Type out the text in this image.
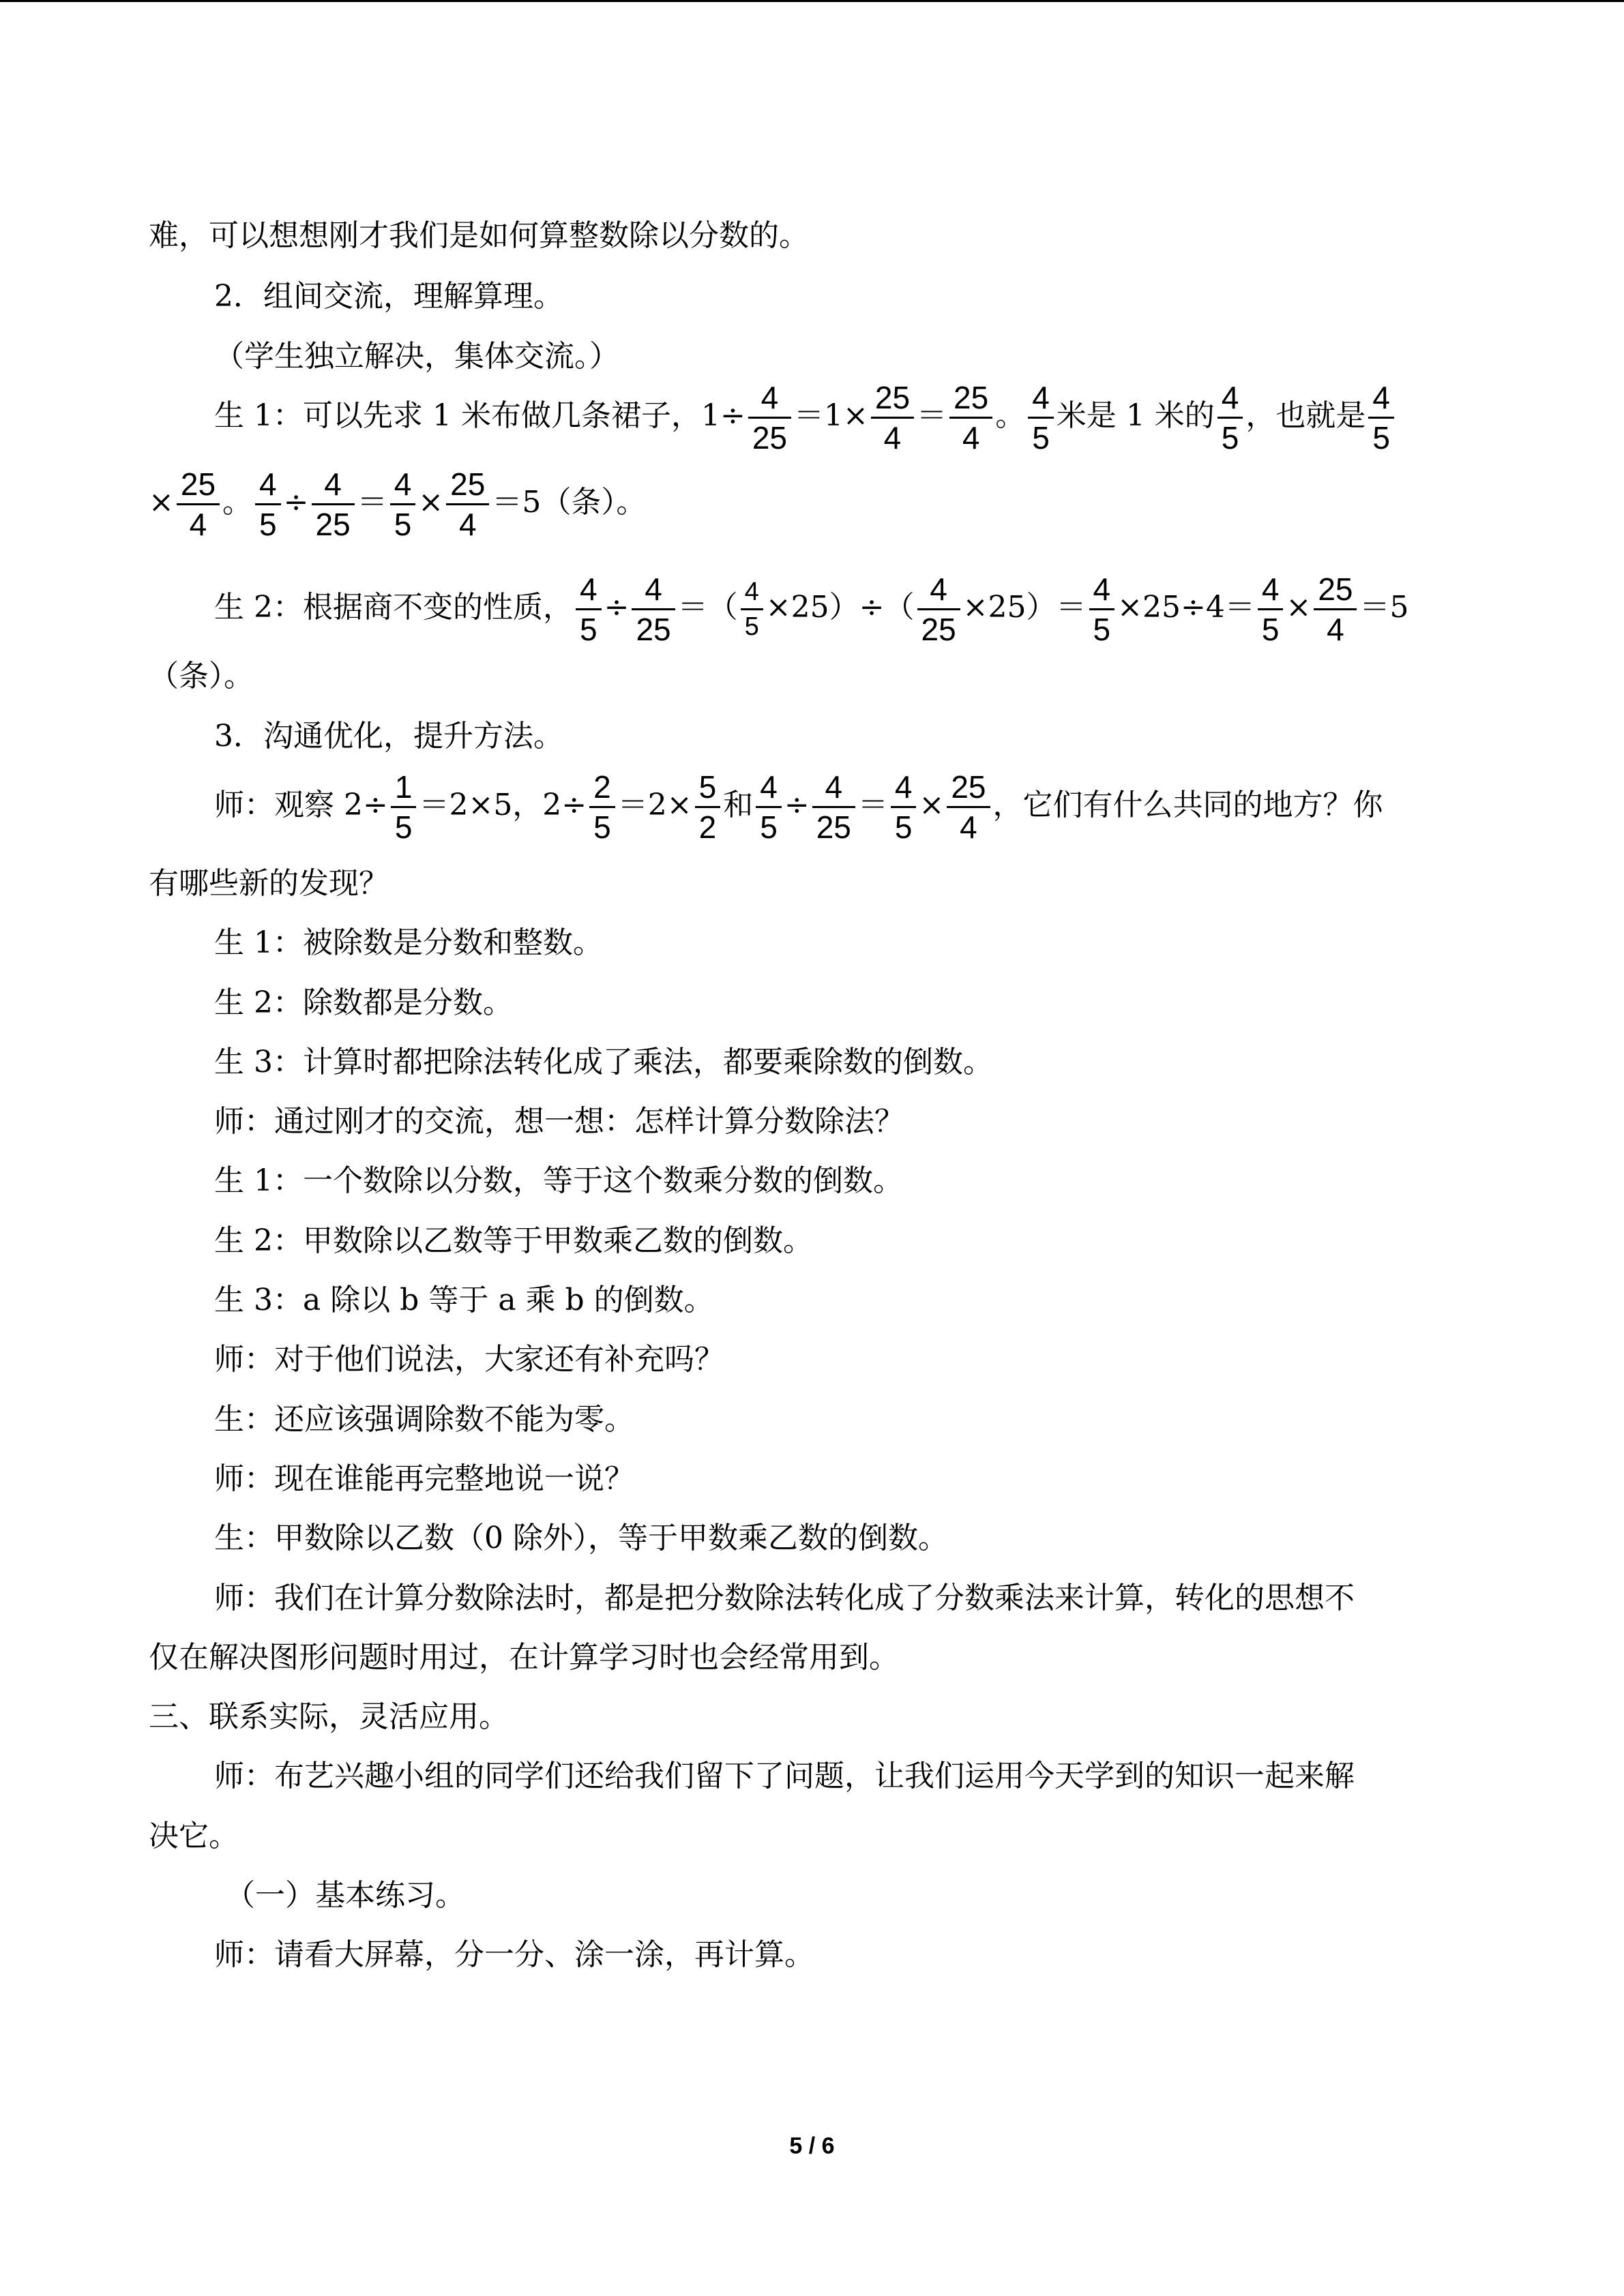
难，可以想想刚才我们是如何算整数除以分数的。
2．组间交流，理解算理。
（学生独立解决，集体交流。）
生 1：可以先求 1 米布做几条裙子，$1\div \frac{4}{25} =1\times \frac{25}{4} = \frac{25}{4}$ 。 $\frac{4}{5}$ 米是 1 米的 $\frac{4}{5}$ ，也就是 $\frac{4}{5}$
× $\frac{25}{4}$ 。 $\frac{4}{5} \div \frac{4}{25} = \frac{4}{5} \times \frac{25}{4} =5$（条）。
生 2：根据商不变的性质， $\frac{4}{5} \div \frac{4}{25}$ ＝（ $\frac{4}{5} \times 25)\div( \frac{4}{25} \times 25)= \frac{4}{5} \times 25\div 4= \frac{4}{5} \times \frac{25}{4} =5$
（条）。
3．沟通优化，提升方法。
师：观察 $2\div \frac{1}{5} =2\times 5$，$2\div \frac{2}{5} =2\times \frac{5}{2}$ 和 $\frac{4}{5} \div \frac{4}{25} = \frac{4}{5} \times \frac{25}{4}$ ，它们有什么共同的地方？你
有哪些新的发现？
生 1：被除数是分数和整数。
生 2：除数都是分数。
生 3：计算时都把除法转化成了乘法，都要乘除数的倒数。
师：通过刚才的交流，想一想：怎样计算分数除法？
生 1：一个数除以分数，等于这个数乘分数的倒数。
生 2：甲数除以乙数等于甲数乘乙数的倒数。
生 3：a 除以 b 等于 a 乘 b 的倒数。
师：对于他们说法，大家还有补充吗？
生：还应该强调除数不能为零。
师：现在谁能再完整地说一说？
生：甲数除以乙数（0 除外），等于甲数乘乙数的倒数。
师：我们在计算分数除法时，都是把分数除法转化成了分数乘法来计算，转化的思想不
仅在解决图形问题时用过，在计算学习时也会经常用到。
三、联系实际，灵活应用。
师：布艺兴趣小组的同学们还给我们留下了问题，让我们运用今天学到的知识一起来解
决它。
（一）基本练习。
师：请看大屏幕，分一分、涂一涂，再计算。
5 / 6
